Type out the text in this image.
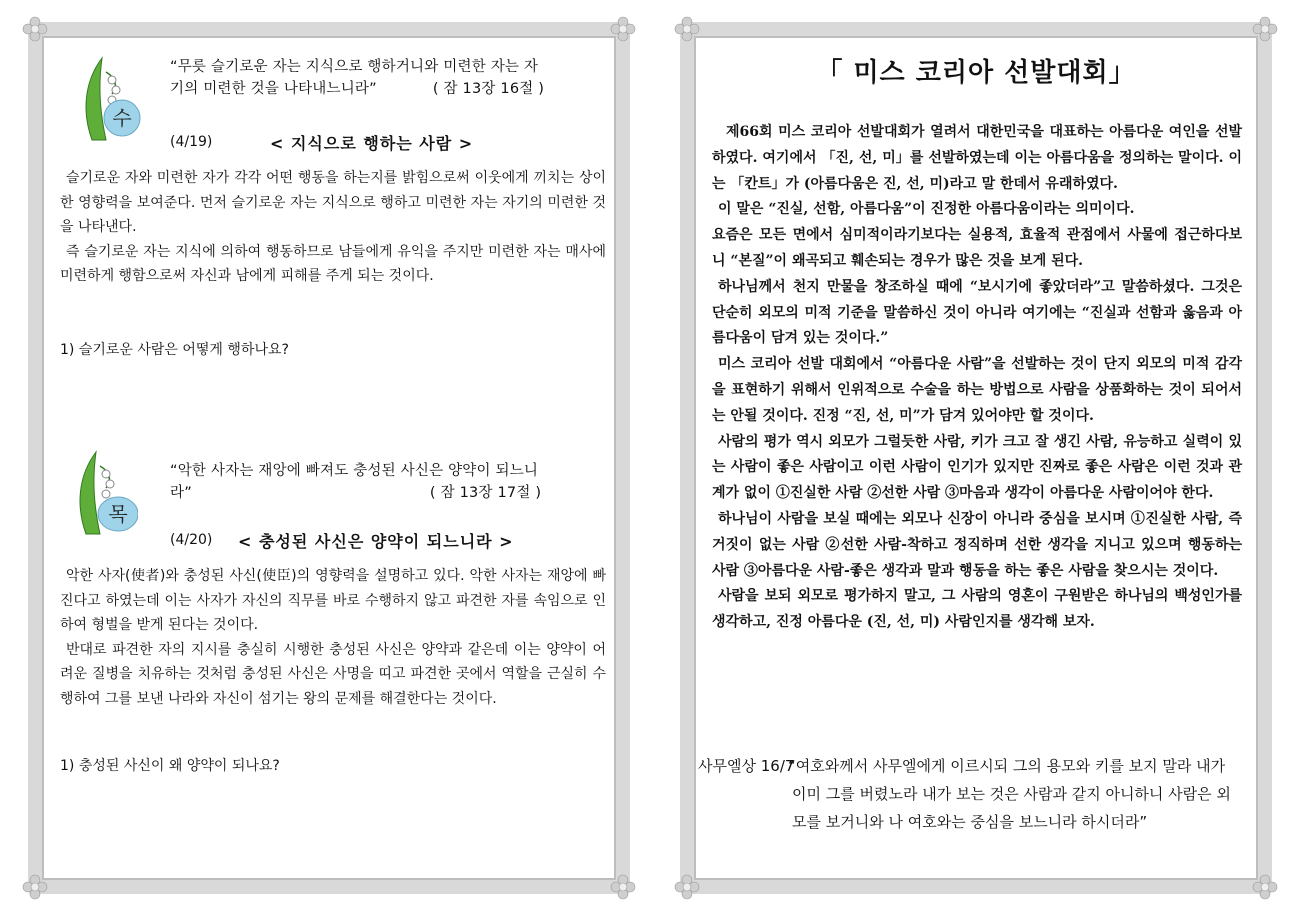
수
“무릇 슬기로운 자는 지식으로 행하거니와 미련한 자는 자
기의 미련한 것을 나타내느니라”	( 잠 13장 16절 )
(4/19)	< 지식으로 행하는 사람 >
슬기로운 자와 미련한 자가 각각 어떤 행동을 하는지를 밝힘으로써 이웃에게 끼치는 상이한 영향력을 보여준다. 먼저 슬기로운 자는 지식으로 행하고 미련한 자는 자기의 미련한 것을 나타낸다.
즉 슬기로운 자는 지식에 의하여 행동하므로 남들에게 유익을 주지만 미련한 자는 매사에 미련하게 행함으로써 자신과 남에게 피해를 주게 되는 것이다.
1) 슬기로운 사람은 어떻게 행하나요?
목
“악한 사자는 재앙에 빠져도 충성된 사신은 양약이 되느니
라”	( 잠 13장 17절 )
(4/20) < 충성된 사신은 양약이 되느니라 >
악한 사자(使者)와 충성된 사신(使臣)의 영향력을 설명하고 있다. 악한 사자는 재앙에 빠진다고 하였는데 이는 사자가 자신의 직무를 바로 수행하지 않고 파견한 자를 속임으로 인하여 형벌을 받게 된다는 것이다.
반대로 파견한 자의 지시를 충실히 시행한 충성된 사신은 양약과 같은데 이는 양약이 어려운 질병을 치유하는 것처럼 충성된 사신은 사명을 띠고 파견한 곳에서 역할을 근실히 수행하여 그를 보낸 나라와 자신이 섬기는 왕의 문제를 해결한다는 것이다.
1) 충성된 사신이 왜 양약이 되나요?
「 미스 코리아 선발대회」

제66회 미스 코리아 선발대회가 열려서 대한민국을 대표하는 아름다운 여인을 선발하였다. 여기에서 「진, 선, 미」를 선발하였는데 이는 아름다움을 정의하는 말이다. 이는 「칸트」가 (아름다움은 진, 선, 미)라고 말 한데서 유래하였다.

이 말은 “진실, 선함, 아름다움”이 진정한 아름다움이라는 의미이다.

요즘은 모든 면에서 심미적이라기보다는 실용적, 효율적 관점에서 사물에 접근하다보니 “본질”이 왜곡되고 훼손되는 경우가 많은 것을 보게 된다.

하나님께서 천지 만물을 창조하실 때에 “보시기에 좋았더라”고 말씀하셨다. 그것은 단순히 외모의 미적 기준을 말씀하신 것이 아니라 여기에는 “진실과 선함과 옳음과 아름다움이 담겨 있는 것이다.”

미스 코리아 선발 대회에서 “아름다운 사람”을 선발하는 것이 단지 외모의 미적 감각을 표현하기 위해서 인위적으로 수술을 하는 방법으로 사람을 상품화하는 것이 되어서는 안될 것이다. 진정 “진, 선, 미”가 담겨 있어야만 할 것이다.

사람의 평가 역시 외모가 그럴듯한 사람, 키가 크고 잘 생긴 사람, 유능하고 실력이 있는 사람이 좋은 사람이고 이런 사람이 인기가 있지만 진짜로 좋은 사람은 이런 것과 관계가 없이 ①진실한 사람 ②선한 사람 ③마음과 생각이 아름다운 사람이어야 한다.

하나님이 사람을 보실 때에는 외모나 신장이 아니라 중심을 보시며 ①진실한 사람, 즉 거짓이 없는 사람 ②선한 사람-착하고 정직하며 선한 생각을 지니고 있으며 행동하는 사람 ③아름다운 사람-좋은 생각과 말과 행동을 하는 좋은 사람을 찾으시는 것이다.

사람을 보되 외모로 평가하지 말고, 그 사람의 영혼이 구원받은 하나님의 백성인가를 생각하고, 진정 아름다운 (진, 선, 미) 사람인지를 생각해 보자.

사무엘상 16/7
“여호와께서 사무엘에게 이르시되 그의 용모와 키를 보지 말라 내가 이미 그를 버렸노라 내가 보는 것은 사람과 같지 아니하니 사람은 외모를 보거니와 나 여호와는 중심을 보느니라 하시더라”
